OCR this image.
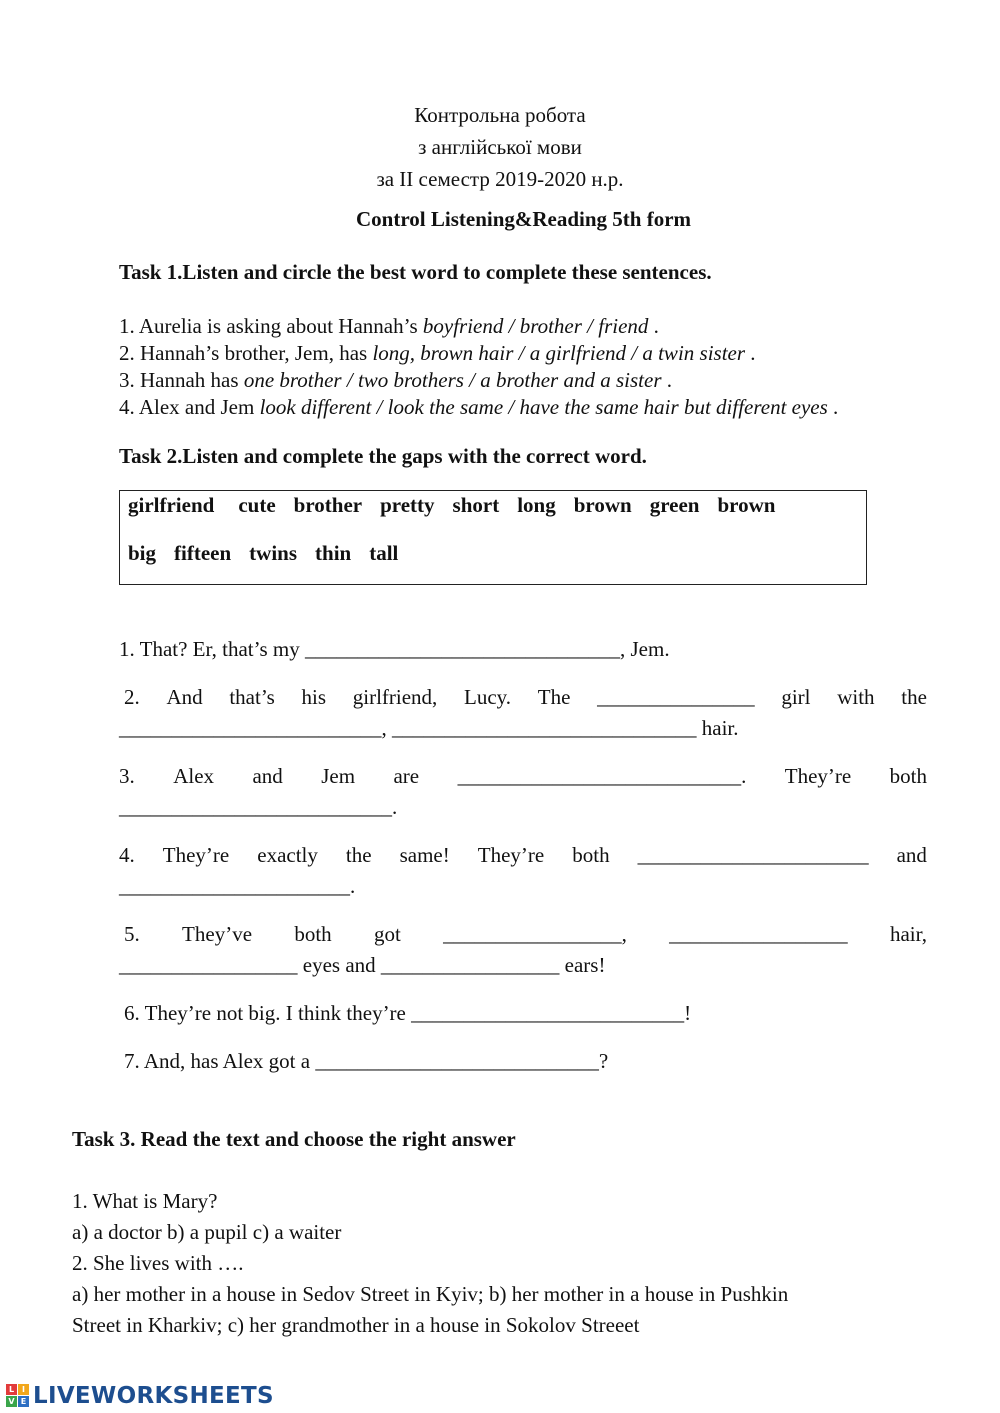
Контрольна робота
з англійської мови
за II семестр 2019-2020 н.р.
Control Listening&Reading 5th form
Task 1.Listen and circle the best word to complete these sentences.
1. Aurelia is asking about Hannah’s boyfriend / brother / friend .
2. Hannah’s brother, Jem, has long, brown hair / a girlfriend / a twin sister .
3. Hannah has one brother / two brothers / a brother and a sister .
4. Alex and Jem look different / look the same / have the same hair but different eyes .
Task 2.Listen and complete the gaps with the correct word.
girlfriend cute brother pretty short long brown green brown
big fifteen twins thin tall
1. That? Er, that’s my ______________________________, Jem.
2. And that’s his girlfriend, Lucy. The _______________ girl with the
_________________________, _____________________________ hair.
3. Alex and Jem are ___________________________. They’re both
__________________________.
4. They’re exactly the same! They’re both ______________________ and
______________________.
5. They’ve both got _________________, _________________ hair,
_________________ eyes and _________________ ears!
6. They’re not big. I think they’re __________________________!
7. And, has Alex got a ___________________________?
Task 3. Read the text and choose the right answer
1. What is Mary?
a) a doctor b) a pupil c) a waiter
2. She lives with ….
a) her mother in a house in Sedov Street in Kyiv; b) her mother in a house in Pushkin
Street in Kharkiv; c) her grandmother in a house in Sokolov Streeet
L I
V E LIVEWORKSHEETS
